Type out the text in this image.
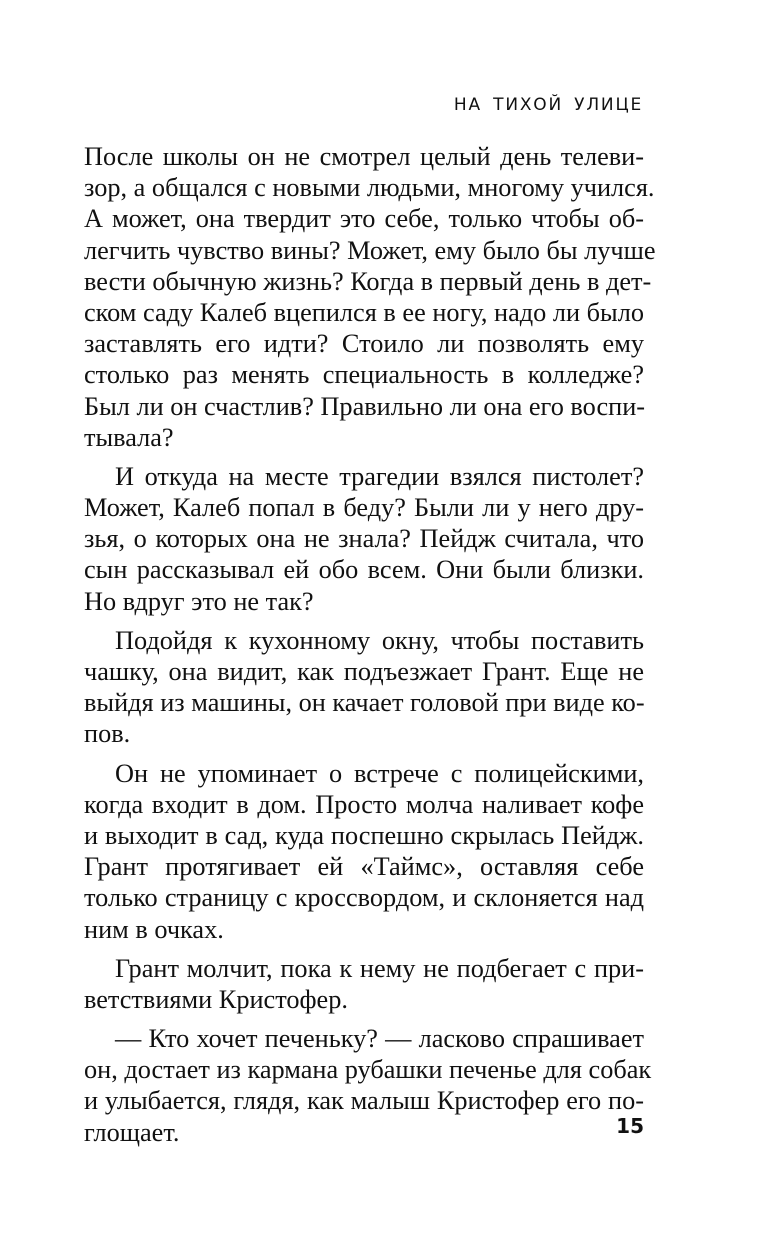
НА ТИХОЙ УЛИЦЕ
После школы он не смотрел целый день телеви-
зор, а общался с новыми людьми, многому учился.
А может, она твердит это себе, только чтобы об-
легчить чувство вины? Может, ему было бы лучше
вести обычную жизнь? Когда в первый день в дет-
ском саду Калеб вцепился в ее ногу, надо ли было
заставлять его идти? Стоило ли позволять ему
столько раз менять специальность в колледже?
Был ли он счастлив? Правильно ли она его воспи-
тывала?
И откуда на месте трагедии взялся пистолет?
Может, Калеб попал в беду? Были ли у него дру-
зья, о которых она не знала? Пейдж считала, что
сын рассказывал ей обо всем. Они были близки.
Но вдруг это не так?
Подойдя к кухонному окну, чтобы поставить
чашку, она видит, как подъезжает Грант. Еще не
выйдя из машины, он качает головой при виде ко-
пов.
Он не упоминает о встрече с полицейскими,
когда входит в дом. Просто молча наливает кофе
и выходит в сад, куда поспешно скрылась Пейдж.
Грант протягивает ей «Таймс», оставляя себе
только страницу с кроссвордом, и склоняется над
ним в очках.
Грант молчит, пока к нему не подбегает с при-
ветствиями Кристофер.
— Кто хочет печеньку? — ласково спрашивает
он, достает из кармана рубашки печенье для собак
и улыбается, глядя, как малыш Кристофер его по-
глощает.	15
